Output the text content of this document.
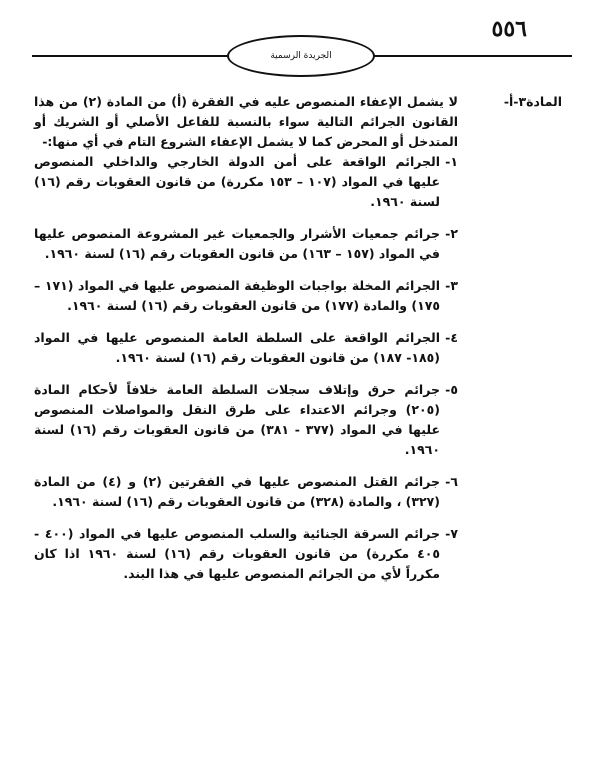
٥٥٦
الجريدة الرسمية
المادة٣-أ-

لا يشمل الإعفاء المنصوص عليه في الفقرة (أ) من المادة (٢) من هذا القانون الجرائم التالية سواء بالنسبة للفاعل الأصلي أو الشريك أو المتدخل أو المحرض كما لا يشمل الإعفاء الشروع التام في أي منها:-

١-
الجرائم الواقعة على أمن الدولة الخارجي والداخلي المنصوص عليها في المواد (١٠٧ – ١٥٣ مكررة) من قانون العقوبات رقم (١٦) لسنة ١٩٦٠.
٢-
جرائم جمعيات الأشرار والجمعيات غير المشروعة المنصوص عليها في المواد (١٥٧ – ١٦٣) من قانون العقوبات رقم (١٦) لسنة ١٩٦٠.
٣-
الجرائم المخلة بواجبات الوظيفة المنصوص عليها في المواد (١٧١ – ١٧٥) والمادة (١٧٧) من قانون العقوبات رقم (١٦) لسنة ١٩٦٠.
٤-
الجرائم الواقعة على السلطة العامة المنصوص عليها في المواد (١٨٥- ١٨٧) من قانون العقوبات رقم (١٦) لسنة ١٩٦٠.
٥-
جرائم حرق وإتلاف سجلات السلطة العامة خلافاً لأحكام المادة (٢٠٥) وجرائم الاعتداء على طرق النقل والمواصلات المنصوص عليها في المواد (٣٧٧ - ٣٨١) من قانون العقوبات رقم (١٦) لسنة ١٩٦٠.
٦-
جرائم القتل المنصوص عليها في الفقرتين (٢) و (٤) من المادة (٣٢٧) ، والمادة (٣٢٨) من قانون العقوبات رقم (١٦) لسنة ١٩٦٠.
٧-
جرائم السرقة الجنائية والسلب المنصوص عليها في المواد (٤٠٠ - ٤٠٥ مكررة) من قانون العقوبات رقم (١٦) لسنة ١٩٦٠ اذا كان مكرراً لأي من الجرائم المنصوص عليها في هذا البند.
